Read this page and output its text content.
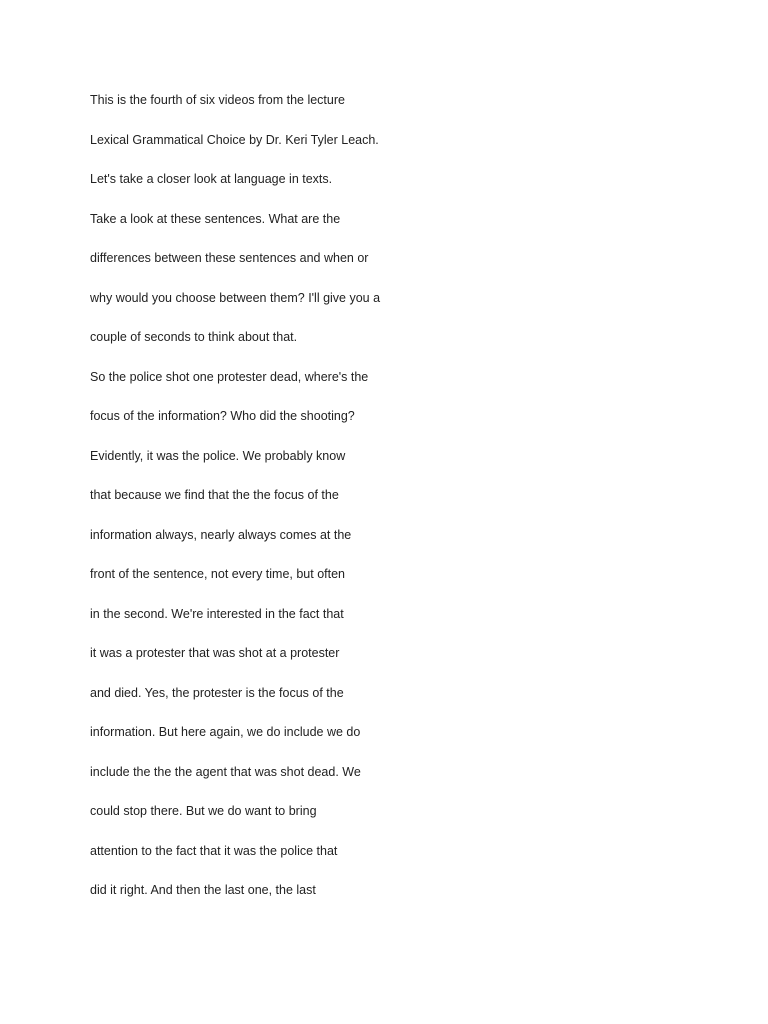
This is the fourth of six videos from the lecture
Lexical Grammatical Choice by Dr. Keri Tyler Leach.
Let's take a closer look at language in texts.
Take a look at these sentences. What are the
differences between these sentences and when or
why would you choose between them? I'll give you a
couple of seconds to think about that.
So the police shot one protester dead, where's the
focus of the information? Who did the shooting?
Evidently, it was the police. We probably know
that because we find that the the focus of the
information always, nearly always comes at the
front of the sentence, not every time, but often
in the second. We're interested in the fact that
it was a protester that was shot at a protester
and died. Yes, the protester is the focus of the
information. But here again, we do include we do
include the the the agent that was shot dead. We
could stop there. But we do want to bring
attention to the fact that it was the police that
did it right. And then the last one, the last
